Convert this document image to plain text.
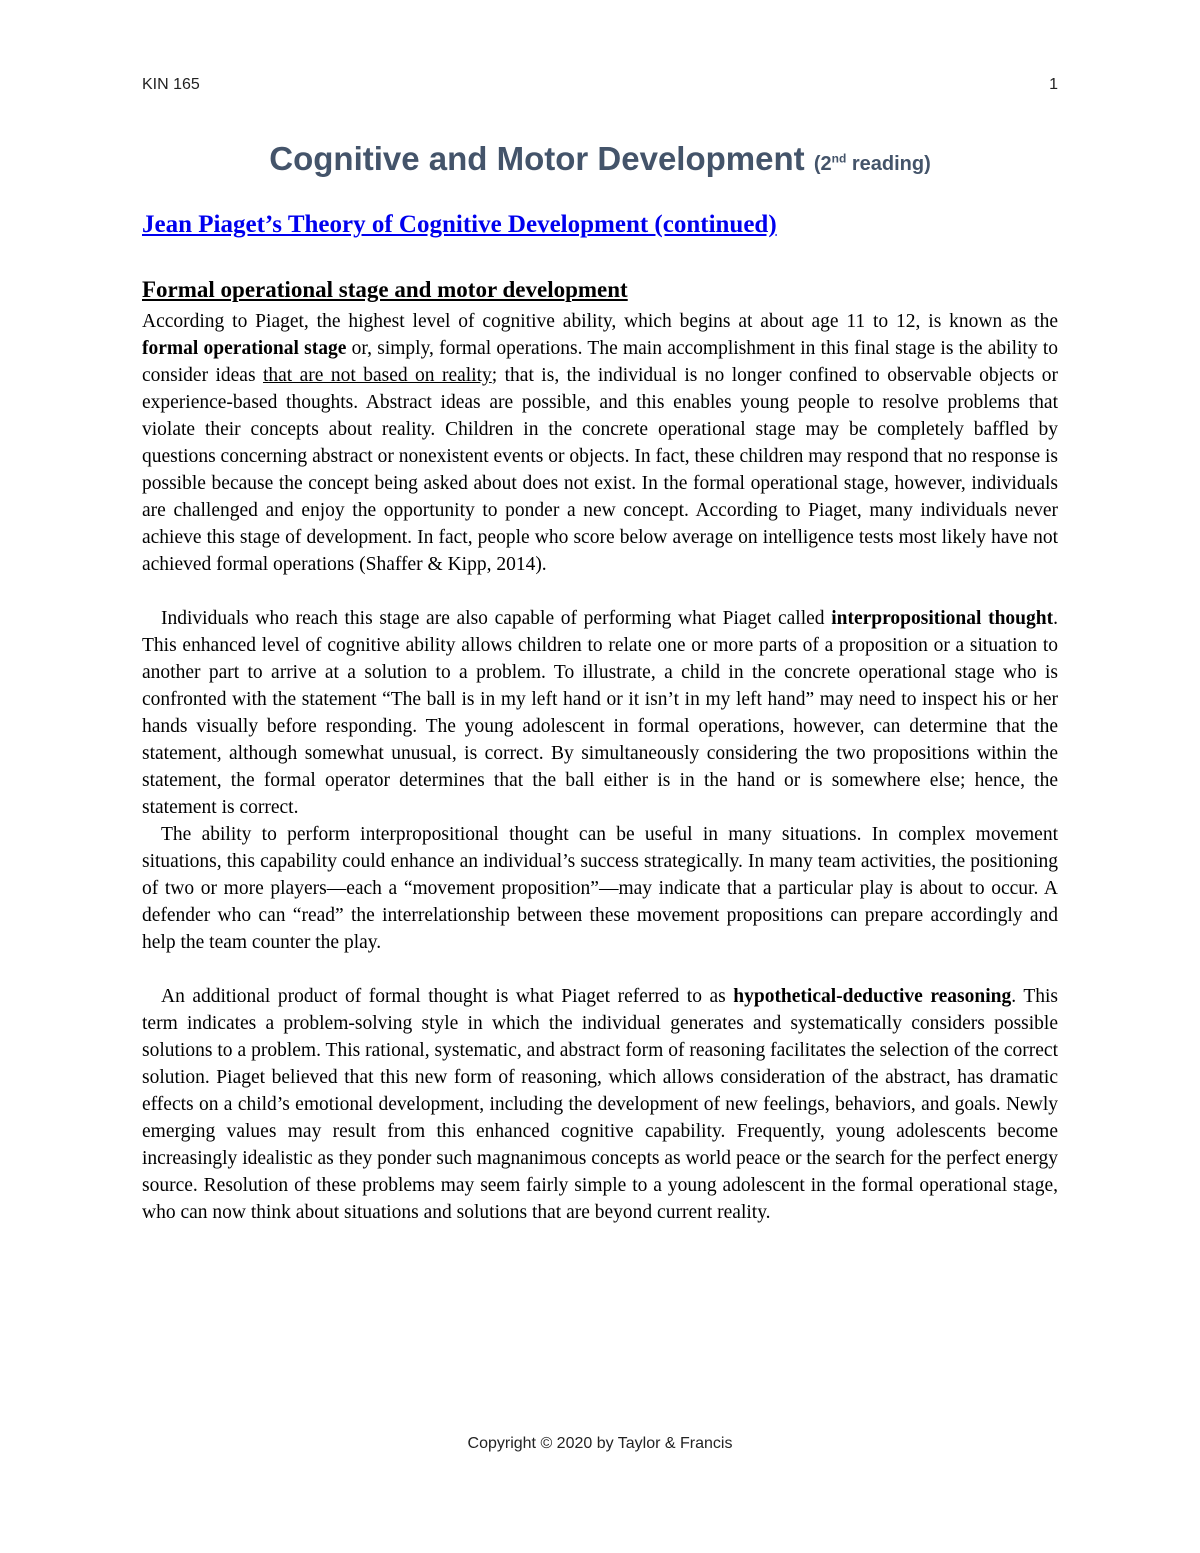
KIN 165	1
Cognitive and Motor Development (2nd reading)
Jean Piaget’s Theory of Cognitive Development (continued)
Formal operational stage and motor development

According to Piaget, the highest level of cognitive ability, which begins at about age 11 to 12, is known as the formal operational stage or, simply, formal operations. The main accomplishment in this final stage is the ability to consider ideas that are not based on reality; that is, the individual is no longer confined to observable objects or experience-based thoughts. Abstract ideas are possible, and this enables young people to resolve problems that violate their concepts about reality. Children in the concrete operational stage may be completely baffled by questions concerning abstract or nonexistent events or objects. In fact, these children may respond that no response is possible because the concept being asked about does not exist. In the formal operational stage, however, individuals are challenged and enjoy the opportunity to ponder a new concept. According to Piaget, many individuals never achieve this stage of development. In fact, people who score below average on intelligence tests most likely have not achieved formal operations (Shaffer & Kipp, 2014).

Individuals who reach this stage are also capable of performing what Piaget called interpropositional thought. This enhanced level of cognitive ability allows children to relate one or more parts of a proposition or a situation to another part to arrive at a solution to a problem. To illustrate, a child in the concrete operational stage who is confronted with the statement “The ball is in my left hand or it isn’t in my left hand” may need to inspect his or her hands visually before responding. The young adolescent in formal operations, however, can determine that the statement, although somewhat unusual, is correct. By simultaneously considering the two propositions within the statement, the formal operator determines that the ball either is in the hand or is somewhere else; hence, the statement is correct.

The ability to perform interpropositional thought can be useful in many situations. In complex movement situations, this capability could enhance an individual’s success strategically. In many team activities, the positioning of two or more players—each a “movement proposition”—may indicate that a particular play is about to occur. A defender who can “read” the interrelationship between these movement propositions can prepare accordingly and help the team counter the play.

An additional product of formal thought is what Piaget referred to as hypothetical-deductive reasoning. This term indicates a problem-solving style in which the individual generates and systematically considers possible solutions to a problem. This rational, systematic, and abstract form of reasoning facilitates the selection of the correct solution. Piaget believed that this new form of reasoning, which allows consideration of the abstract, has dramatic effects on a child’s emotional development, including the development of new feelings, behaviors, and goals. Newly emerging values may result from this enhanced cognitive capability. Frequently, young adolescents become increasingly idealistic as they ponder such magnanimous concepts as world peace or the search for the perfect energy source. Resolution of these problems may seem fairly simple to a young adolescent in the formal operational stage, who can now think about situations and solutions that are beyond current reality.

Copyright © 2020 by Taylor & Francis
